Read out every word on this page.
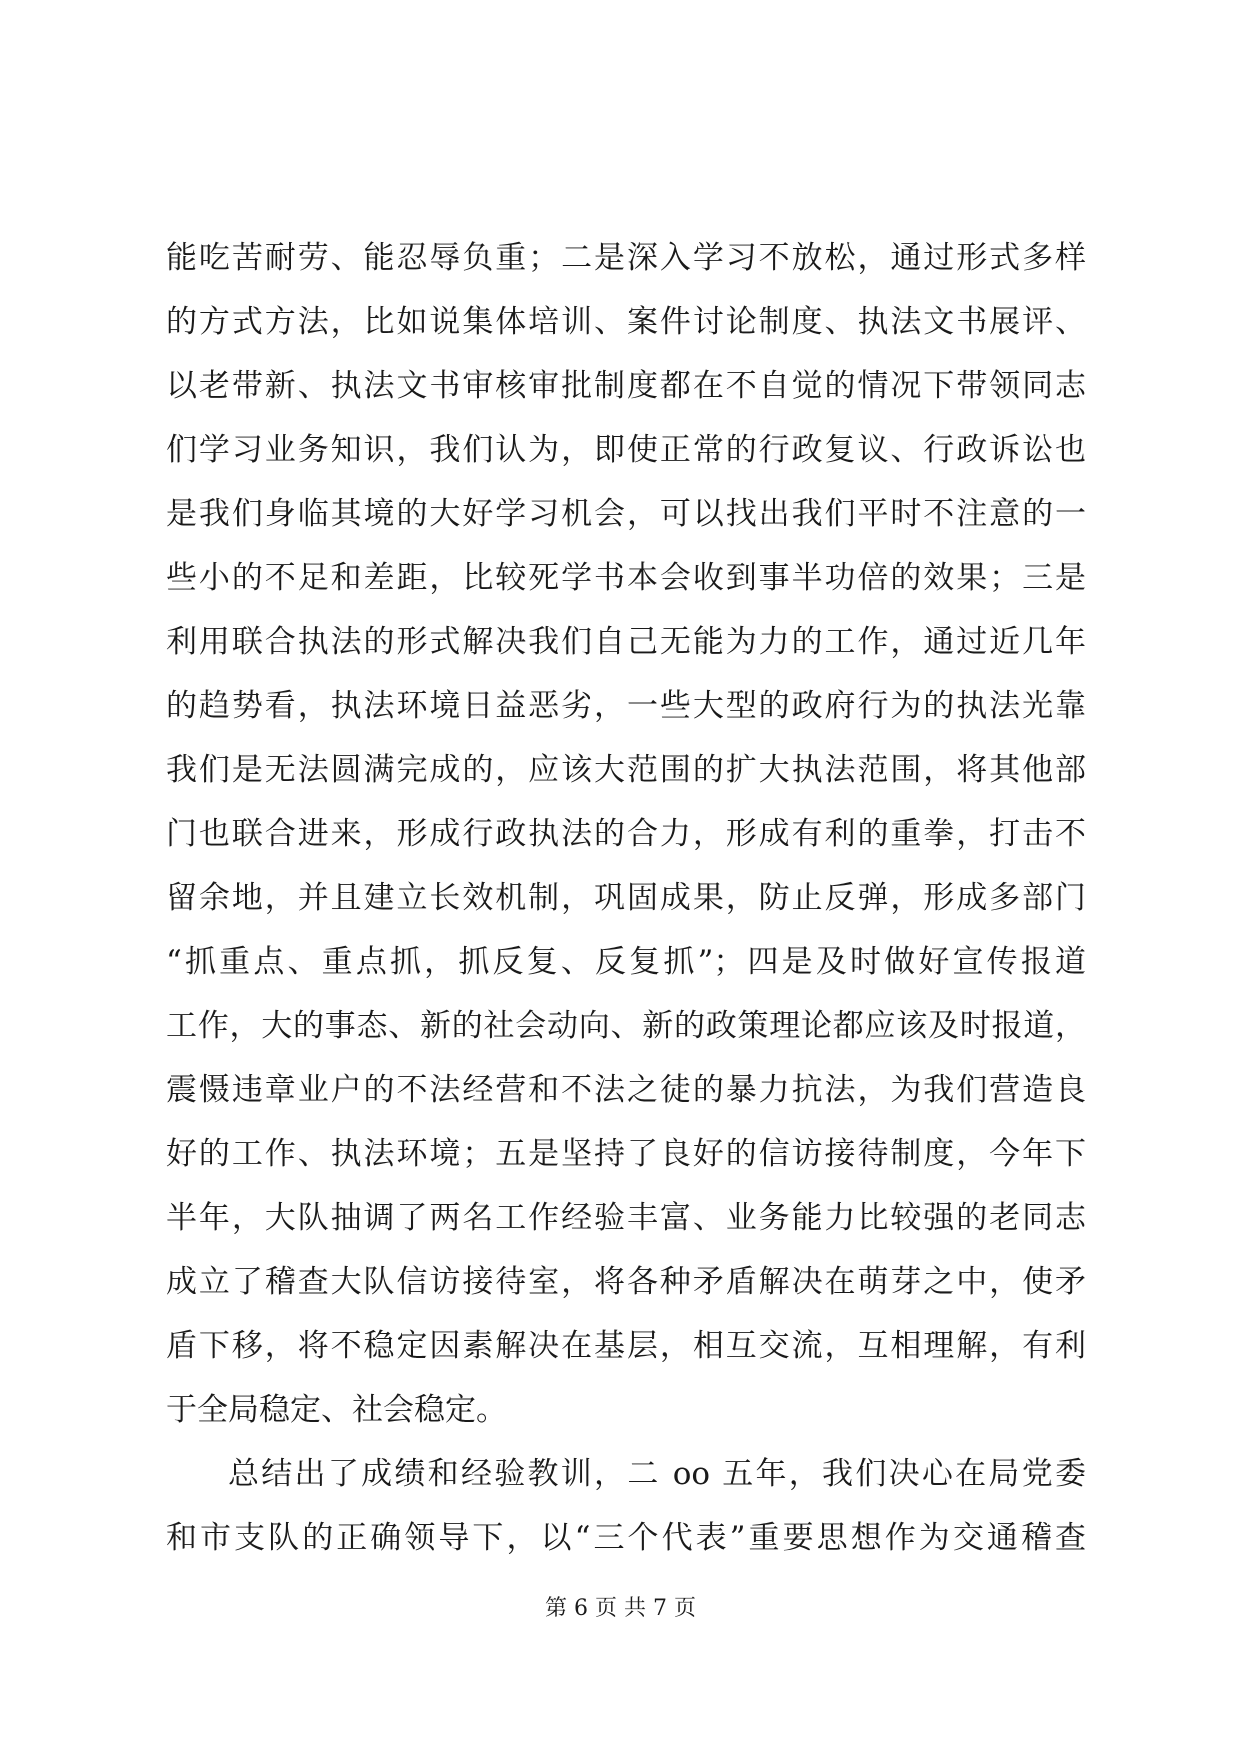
能吃苦耐劳、能忍辱负重；二是深入学习不放松，通过形式多样
的方式方法，比如说集体培训、案件讨论制度、执法文书展评、
以老带新、执法文书审核审批制度都在不自觉的情况下带领同志
们学习业务知识，我们认为，即使正常的行政复议、行政诉讼也
是我们身临其境的大好学习机会，可以找出我们平时不注意的一
些小的不足和差距，比较死学书本会收到事半功倍的效果；三是
利用联合执法的形式解决我们自己无能为力的工作，通过近几年
的趋势看，执法环境日益恶劣，一些大型的政府行为的执法光靠
我们是无法圆满完成的，应该大范围的扩大执法范围，将其他部
门也联合进来，形成行政执法的合力，形成有利的重拳，打击不
留余地，并且建立长效机制，巩固成果，防止反弹，形成多部门
“抓重点、重点抓，抓反复、反复抓”；四是及时做好宣传报道
工作，大的事态、新的社会动向、新的政策理论都应该及时报道，
震慑违章业户的不法经营和不法之徒的暴力抗法，为我们营造良
好的工作、执法环境；五是坚持了良好的信访接待制度，今年下
半年，大队抽调了两名工作经验丰富、业务能力比较强的老同志
成立了稽查大队信访接待室，将各种矛盾解决在萌芽之中，使矛
盾下移，将不稳定因素解决在基层，相互交流，互相理解，有利
于全局稳定、社会稳定。
总结出了成绩和经验教训，二 oo 五年，我们决心在局党委
和市支队的正确领导下，以“三个代表”重要思想作为交通稽查
第 6 页 共 7 页
